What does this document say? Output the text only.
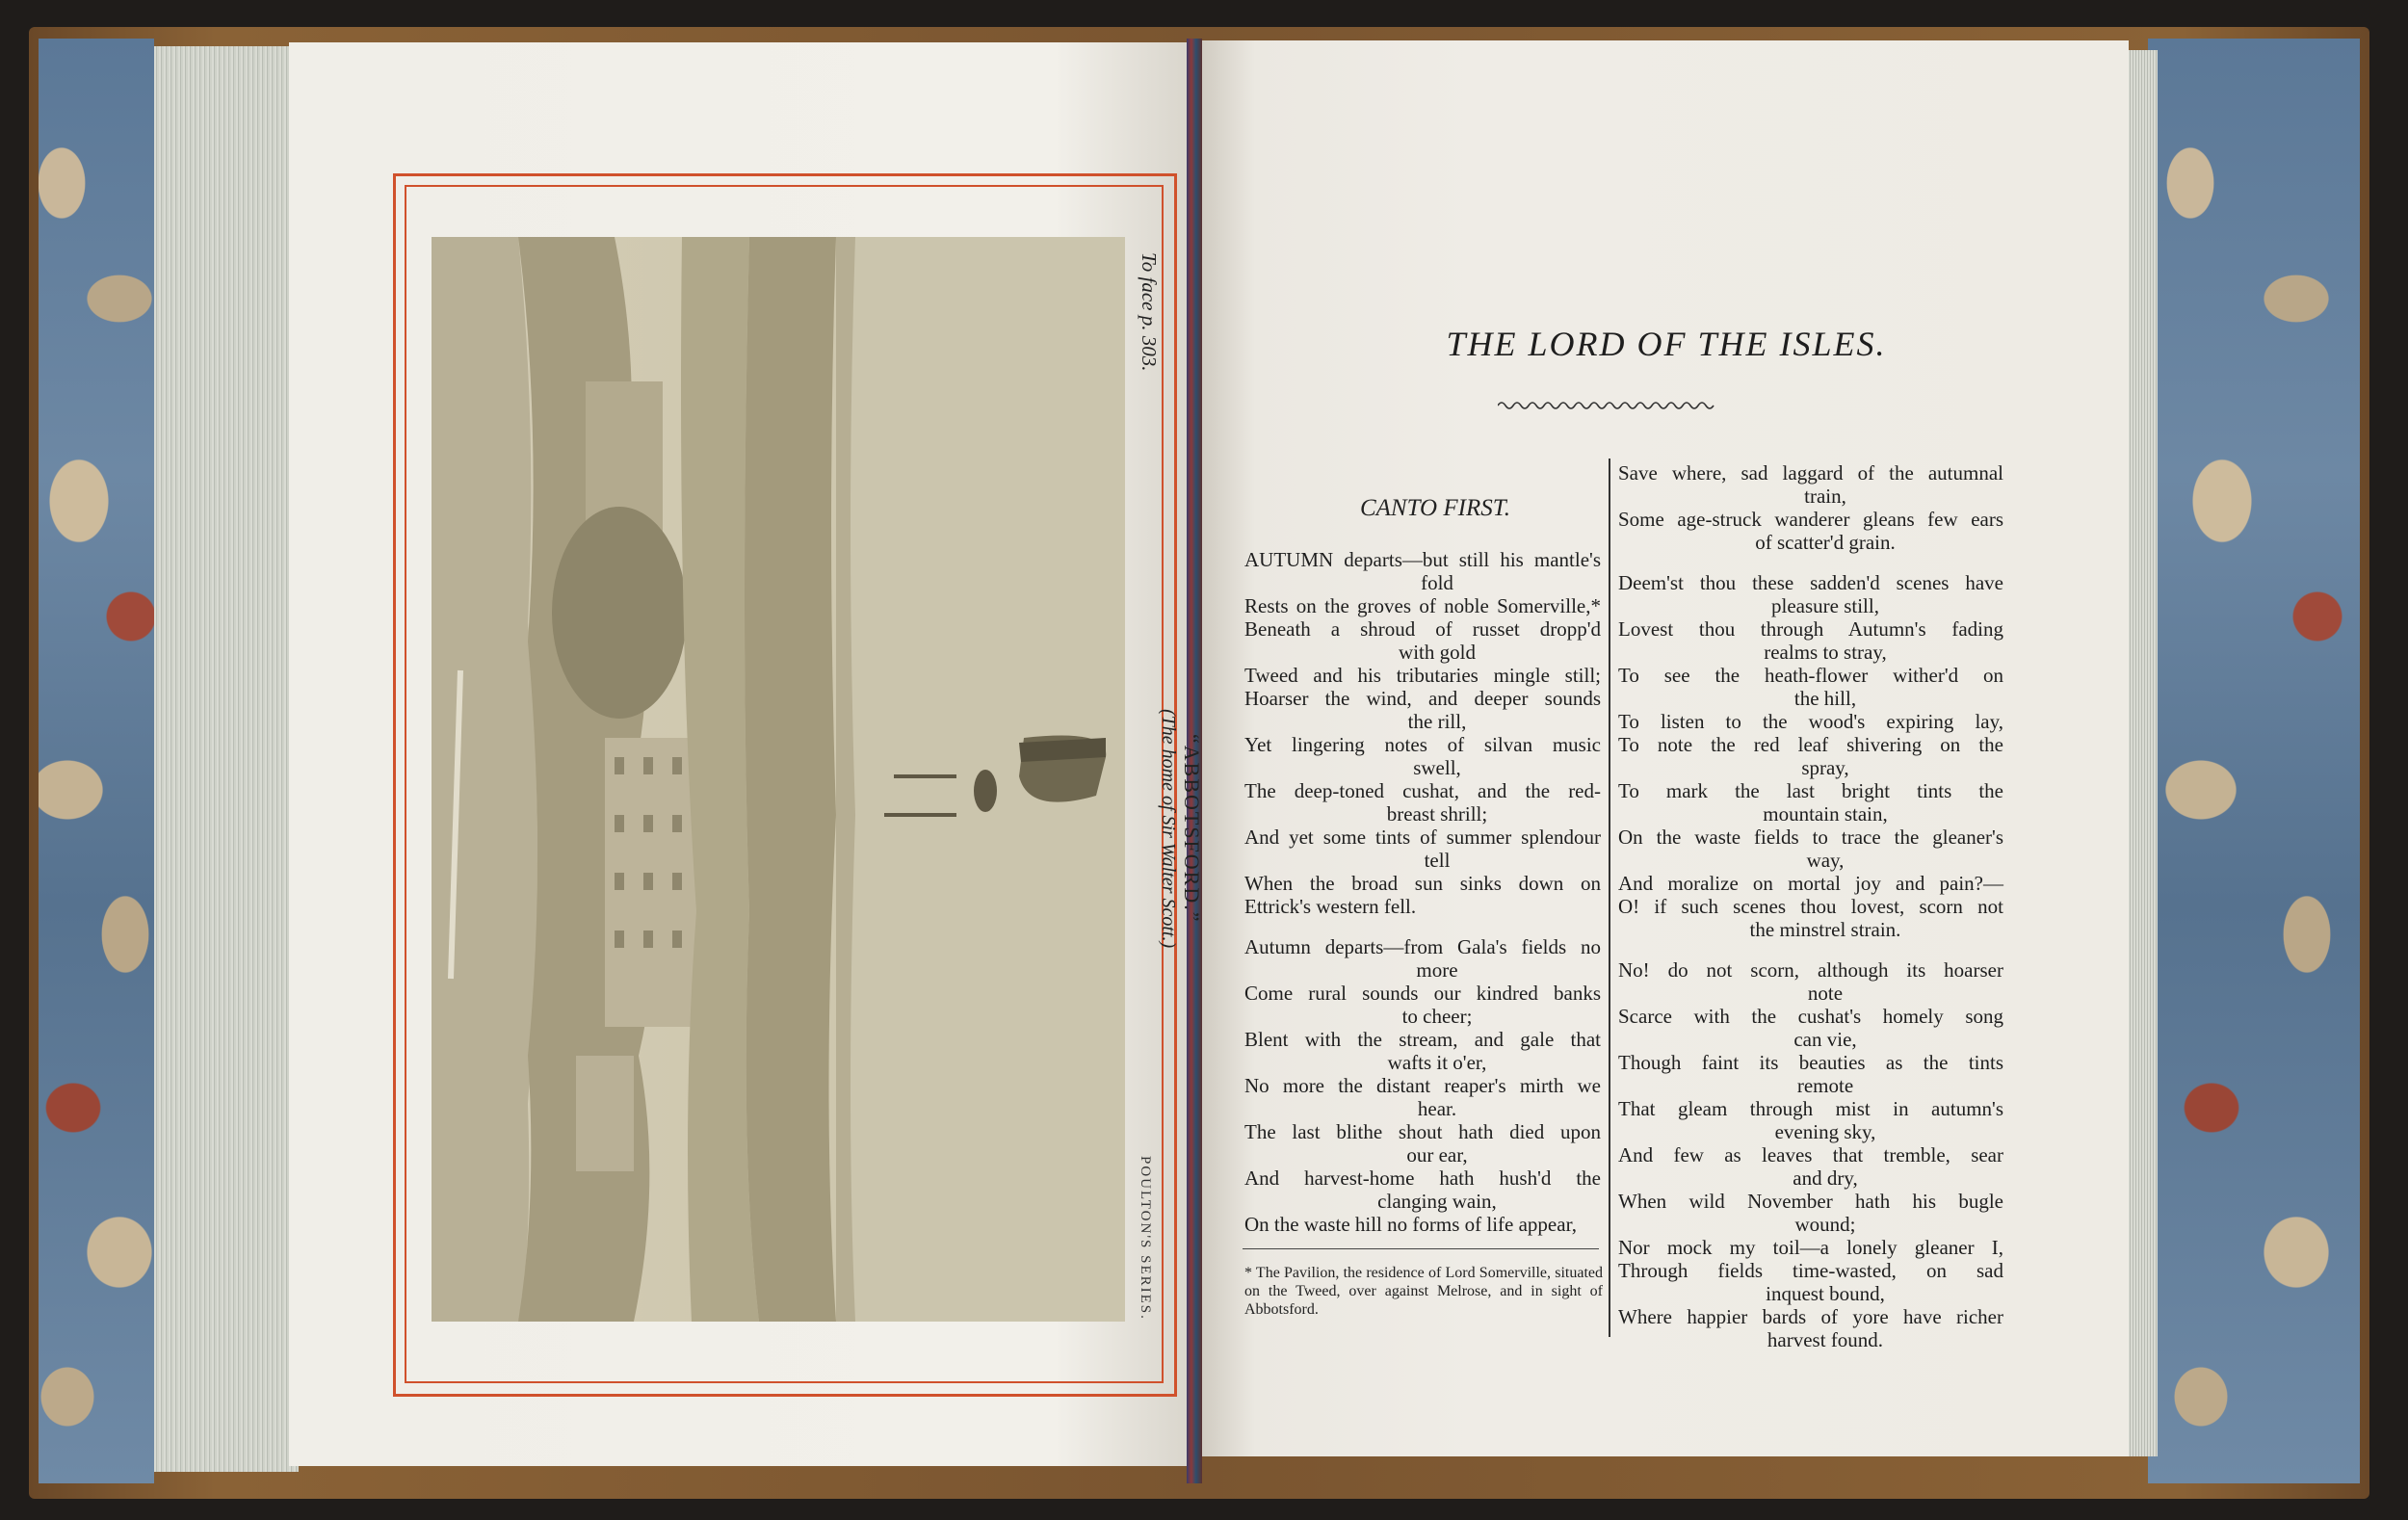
To face p. 303.
“ABBOTSFORD.”
(The home of Sir Walter Scott.)
POULTON'S SERIES.
THE LORD OF THE ISLES.
CANTO FIRST.
AUTUMN departs—but still his mantle's
fold
Rests on the groves of noble Somerville,*
Beneath a shroud of russet dropp'd
with gold
Tweed and his tributaries mingle still;
Hoarser the wind, and deeper sounds
the rill,
Yet lingering notes of silvan music
swell,
The deep-toned cushat, and the red-
breast shrill;
And yet some tints of summer splendour
tell
When the broad sun sinks down on
Ettrick's western fell.
Autumn departs—from Gala's fields no
more
Come rural sounds our kindred banks
to cheer;
Blent with the stream, and gale that
wafts it o'er,
No more the distant reaper's mirth we
hear.
The last blithe shout hath died upon
our ear,
And harvest-home hath hush'd the
clanging wain,
On the waste hill no forms of life appear,
Save where, sad laggard of the autumnal
train,
Some age-struck wanderer gleans few ears
of scatter'd grain.
Deem'st thou these sadden'd scenes have
pleasure still,
Lovest thou through Autumn's fading
realms to stray,
To see the heath-flower wither'd on
the hill,
To listen to the wood's expiring lay,
To note the red leaf shivering on the
spray,
To mark the last bright tints the
mountain stain,
On the waste fields to trace the gleaner's
way,
And moralize on mortal joy and pain?—
O! if such scenes thou lovest, scorn not
the minstrel strain.
No! do not scorn, although its hoarser
note
Scarce with the cushat's homely song
can vie,
Though faint its beauties as the tints
remote
That gleam through mist in autumn's
evening sky,
And few as leaves that tremble, sear
and dry,
When wild November hath his bugle
wound;
Nor mock my toil—a lonely gleaner I,
Through fields time-wasted, on sad
inquest bound,
Where happier bards of yore have richer
harvest found.
* The Pavilion, the residence of Lord Somerville, situated on the Tweed, over against Melrose, and in sight of Abbotsford.
